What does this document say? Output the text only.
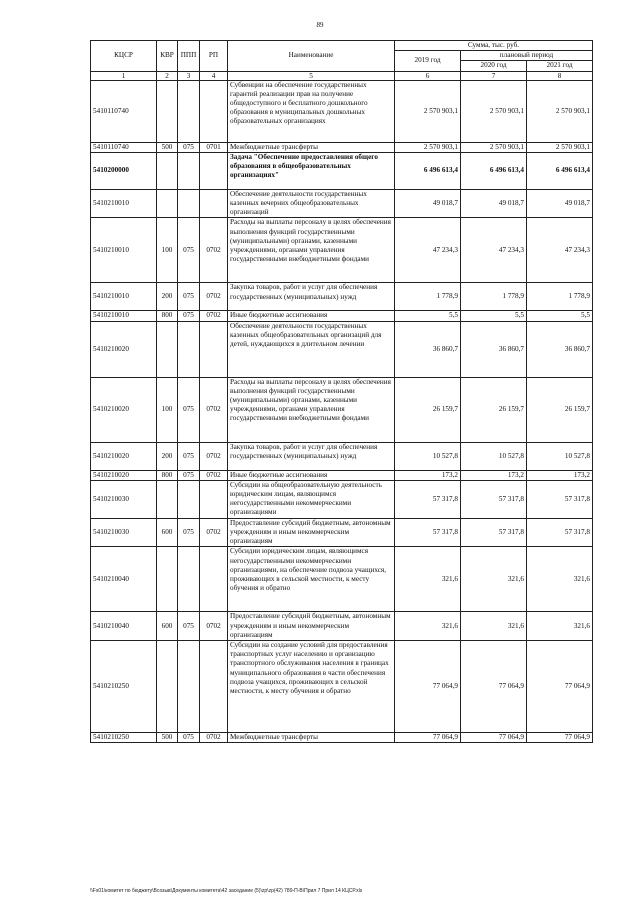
89
КЦСР	КВР	ППП	РП	Наименование	Сумма, тыс. руб.		
					2019 год	плановый период	
						2020 год	2021 год
1	2	3	4	5	6	7	8
5410110740				Субвенции на обеспечение государственных гарантий реализации прав на получение общедоступного и бесплатного дошкольного образования в муниципальных дошкольных образовательных организациях	2 570 903,1	2 570 903,1	2 570 903,1
5410110740	500	075	0701	Межбюджетные трансферты	2 570 903,1	2 570 903,1	2 570 903,1
5410200000				Задача "Обеспечение предоставления общего образования в общеобразовательных организациях"	6 496 613,4	6 496 613,4	6 496 613,4
5410210010				Обеспечение деятельности государственных казенных вечерних общеобразовательных организаций	49 018,7	49 018,7	49 018,7
5410210010	100	075	0702	Расходы на выплаты персоналу в целях обеспечения выполнения функций государственными (муниципальными) органами, казенными учреждениями, органами управления государственными внебюджетными фондами	47 234,3	47 234,3	47 234,3
5410210010	200	075	0702	Закупка товаров, работ и услуг для обеспечения государственных (муниципальных) нужд	1 778,9	1 778,9	1 778,9
5410210010	800	075	0702	Иные бюджетные ассигнования	5,5	5,5	5,5
5410210020				Обеспечение деятельности государственных казенных общеобразовательных организаций для детей, нуждающихся в длительном лечении	36 860,7	36 860,7	36 860,7
5410210020	100	075	0702	Расходы на выплаты персоналу в целях обеспечения выполнения функций государственными (муниципальными) органами, казенными учреждениями, органами управления государственными внебюджетными фондами	26 159,7	26 159,7	26 159,7
5410210020	200	075	0702	Закупка товаров, работ и услуг для обеспечения государственных (муниципальных) нужд	10 527,8	10 527,8	10 527,8
5410210020	800	075	0702	Иные бюджетные ассигнования	173,2	173,2	173,2
5410210030				Субсидии на общеобразовательную деятельность юридическим лицам, являющимся негосударственными некоммерческими организациями	57 317,8	57 317,8	57 317,8
5410210030	600	075	0702	Предоставление субсидий бюджетным, автономным учреждениям и иным некоммерческим организациям	57 317,8	57 317,8	57 317,8
5410210040				Субсидии юридическим лицам, являющимся негосударственными некоммерческими организациями, на обеспечение подвоза учащихся, проживающих в сельской местности, к месту обучения и обратно	321,6	321,6	321,6
5410210040	600	075	0702	Предоставление субсидий бюджетным, автономным учреждениям и иным некоммерческим организациям	321,6	321,6	321,6
5410210250				Субсидии на создание условий для предоставления транспортных услуг населению и организацию транспортного обслуживания населения в границах муниципального образования в части обеспечения подвоза учащихся, проживающих в сельской местности, к месту обучения и обратно	77 064,9	77 064,9	77 064,9
5410210250	500	075	0702	Межбюджетные трансферты	77 064,9	77 064,9	77 064,9
\\Fs01\комитет по бюджету\Всозыв\Документы комитета\42 заседание (5)\zp\zp(42) 789-П-В\Прил 7 Прил 14 КЦСР.xls
